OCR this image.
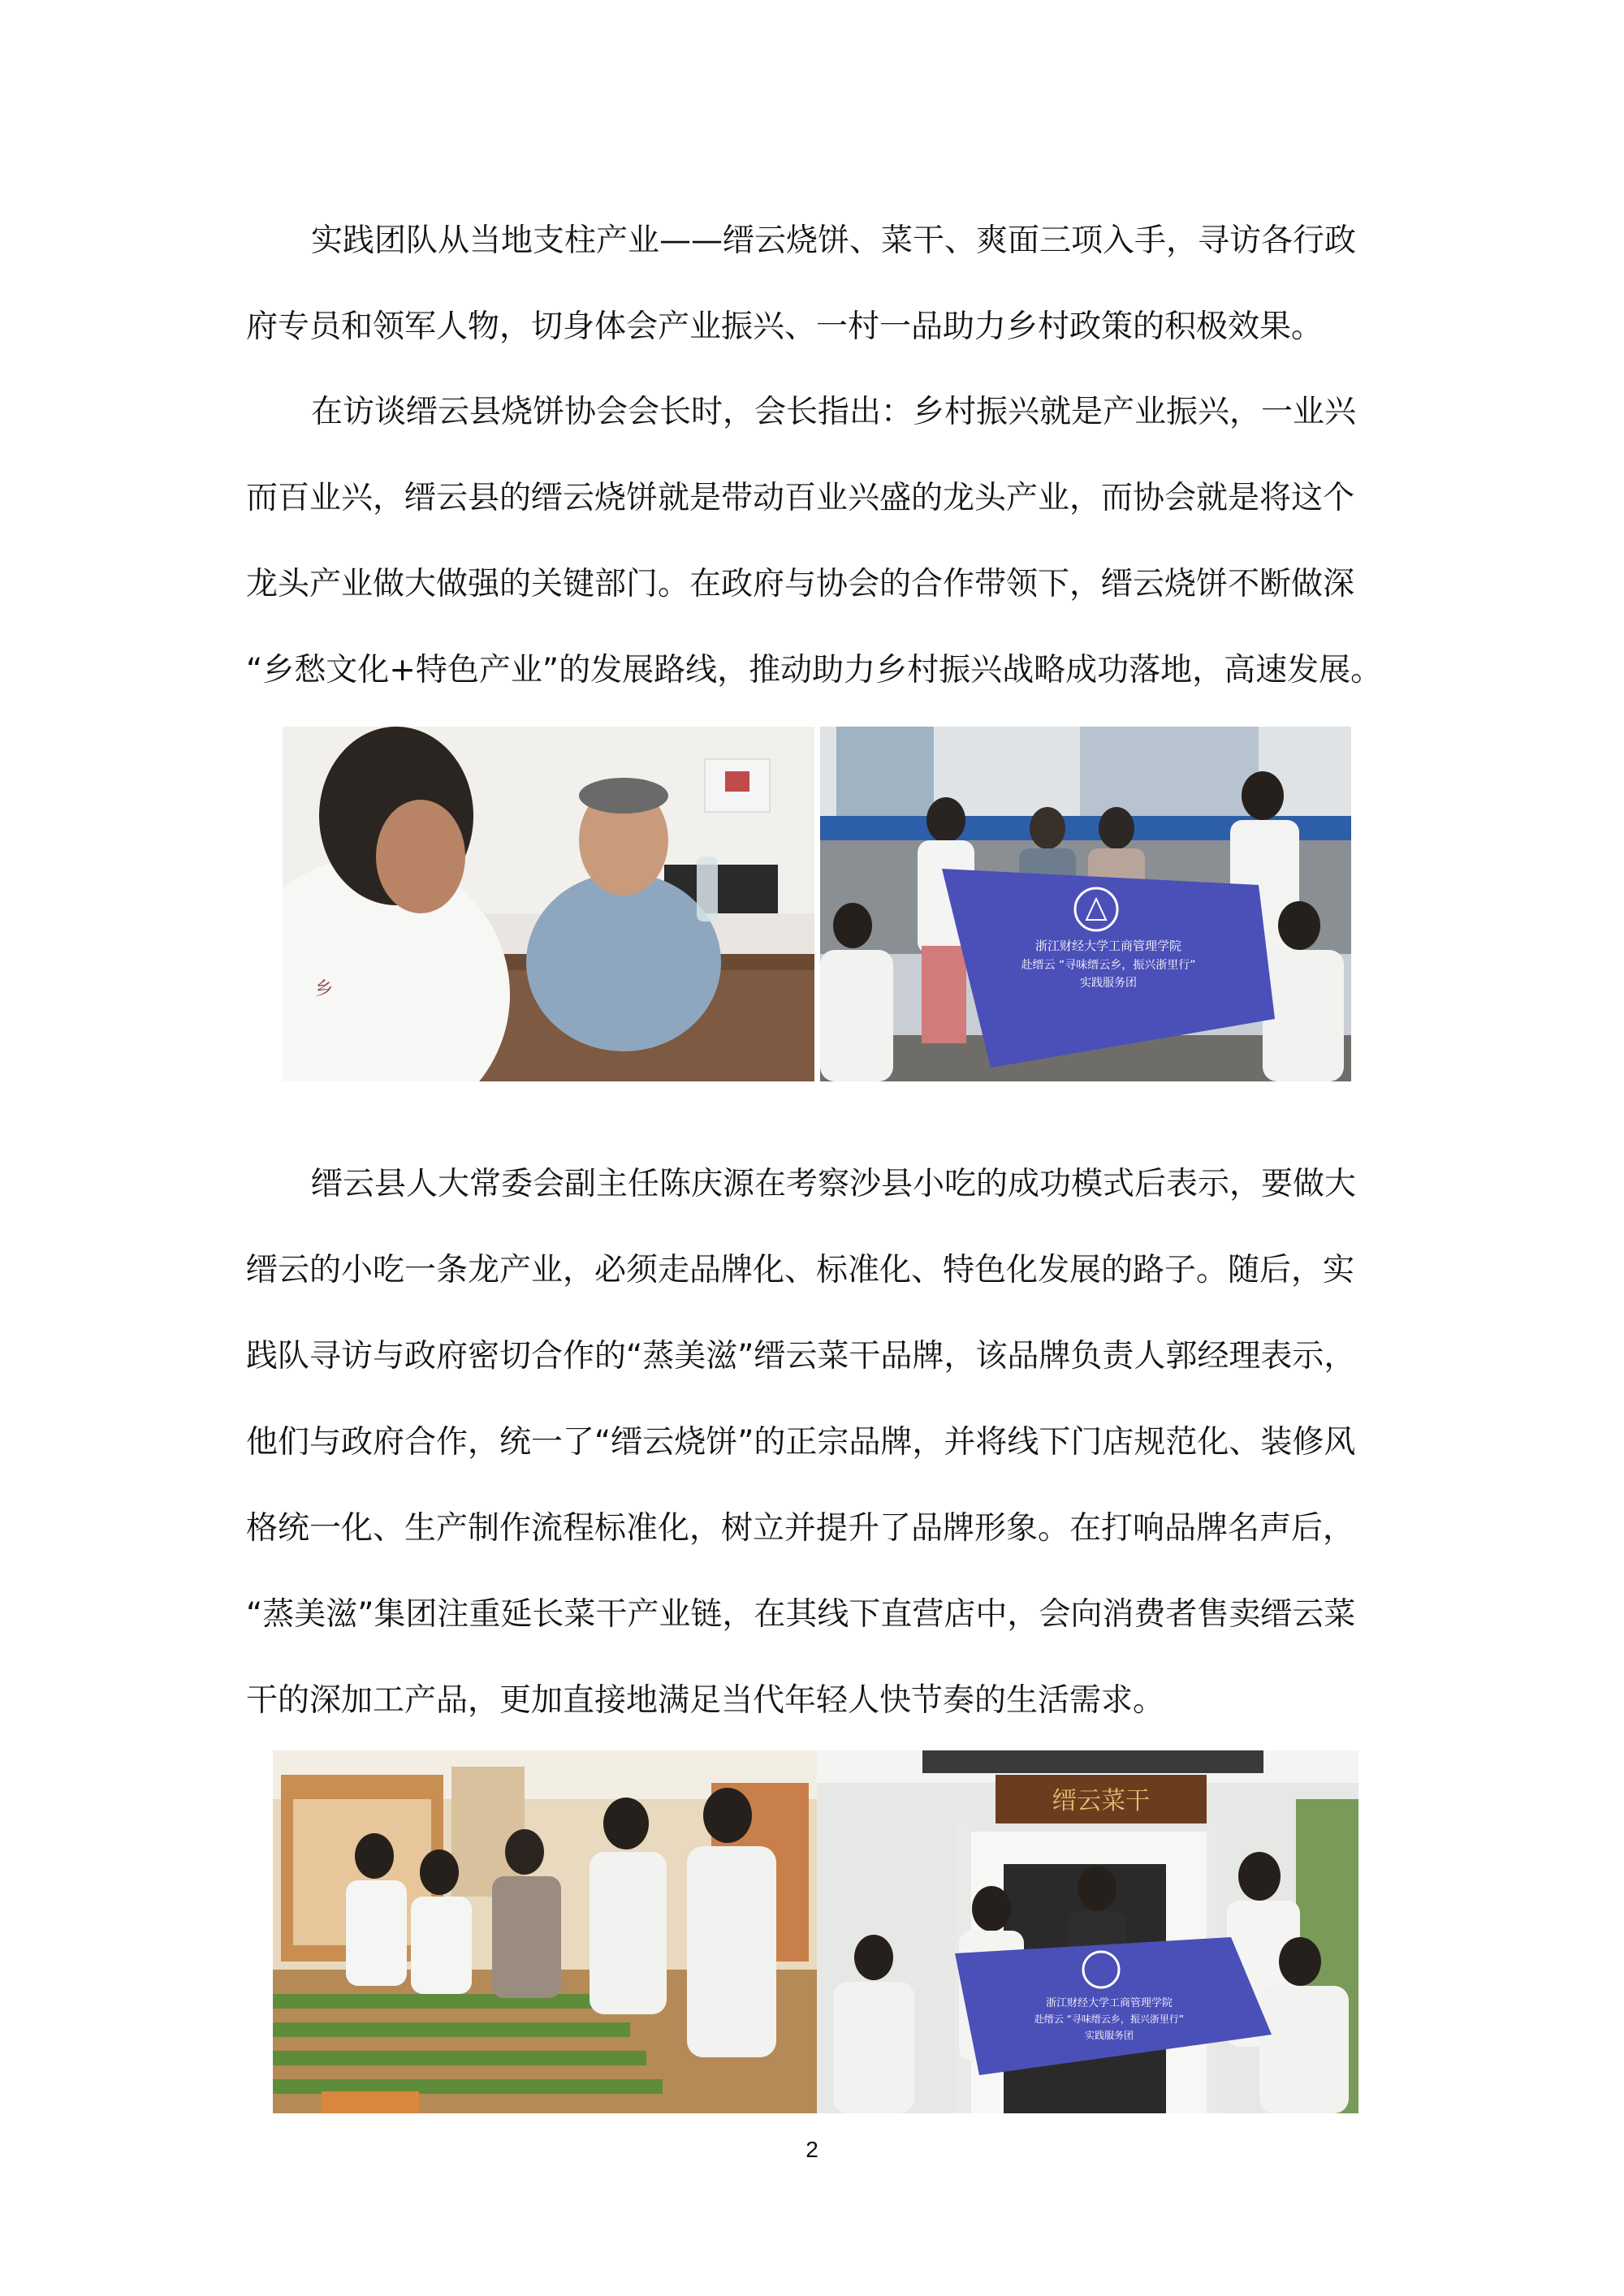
实践团队从当地支柱产业——缙云烧饼、菜干、爽面三项入手，寻访各行政
府专员和领军人物，切身体会产业振兴、一村一品助力乡村政策的积极效果。
在访谈缙云县烧饼协会会长时，会长指出：乡村振兴就是产业振兴，一业兴
而百业兴，缙云县的缙云烧饼就是带动百业兴盛的龙头产业，而协会就是将这个
龙头产业做大做强的关键部门。在政府与协会的合作带领下，缙云烧饼不断做深
“乡愁文化+特色产业”的发展路线，推动助力乡村振兴战略成功落地，高速发展。
乡
浙江财经大学工商管理学院
赴缙云 “寻味缙云乡，振兴浙里行”
实践服务团
缙云县人大常委会副主任陈庆源在考察沙县小吃的成功模式后表示，要做大
缙云的小吃一条龙产业，必须走品牌化、标准化、特色化发展的路子。随后，实
践队寻访与政府密切合作的“蒸美滋”缙云菜干品牌，该品牌负责人郭经理表示，
他们与政府合作，统一了“缙云烧饼”的正宗品牌，并将线下门店规范化、装修风
格统一化、生产制作流程标准化，树立并提升了品牌形象。在打响品牌名声后，
“蒸美滋”集团注重延长菜干产业链，在其线下直营店中，会向消费者售卖缙云菜
干的深加工产品，更加直接地满足当代年轻人快节奏的生活需求。
缙云菜干
浙江财经大学工商管理学院
赴缙云 “寻味缙云乡，振兴浙里行”
实践服务团
2
